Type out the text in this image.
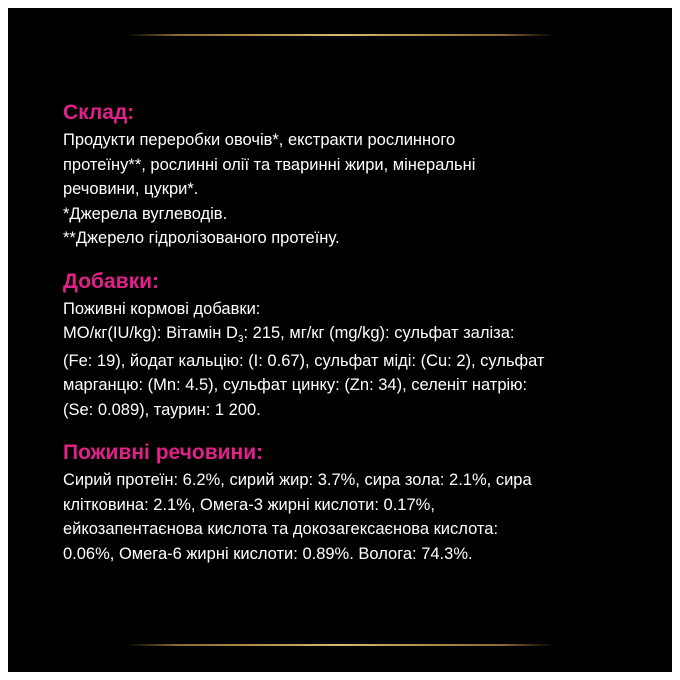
Склад:
Продукти переробки овочів*, екстракти рослинного
протеїну**, рослинні олії та тваринні жири, мінеральні
речовини, цукри*.
*Джерела вуглеводів.
**Джерело гідролізованого протеїну.
Добавки:
Поживні кормові добавки:
МО/кг(IU/kg): Вітамін $D_3$: 215, мг/кг (mg/kg): сульфат заліза:
(Fe: 19), йодат кальцію: (I: 0.67), сульфат міді: (Cu: 2), сульфат
марганцю: (Mn: 4.5), сульфат цинку: (Zn: 34), селеніт натрію:
(Se: 0.089), таурин: 1 200.
Поживні речовини:
Сирий протеїн: 6.2%, сирий жир: 3.7%, сира зола: 2.1%, сира
клітковина: 2.1%, Омега-3 жирні кислоти: 0.17%,
ейкозапентаєнова кислота та докозагексаєнова кислота:
0.06%, Омега-6 жирні кислоти: 0.89%. Волога: 74.3%.
